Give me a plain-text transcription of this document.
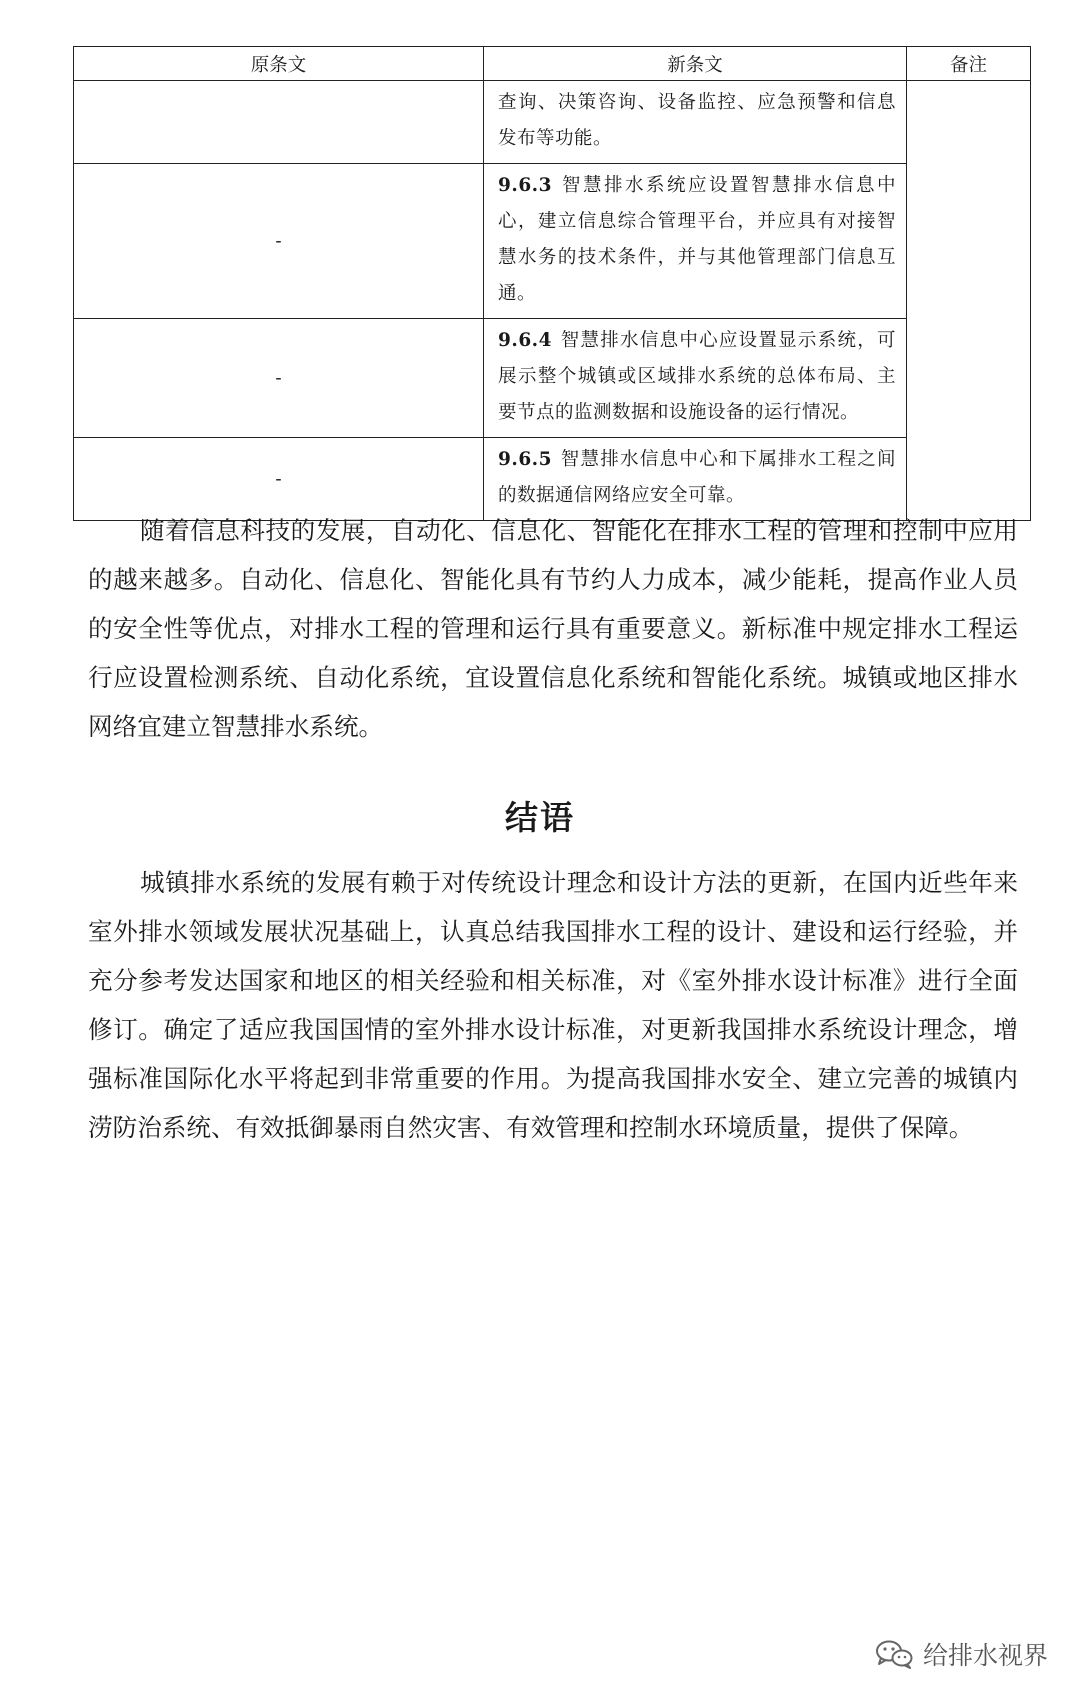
原条文	新条文	备注
	查询、决策咨询、设备监控、应急预警和信息发布等功能。	
-	9.6.3 智慧排水系统应设置智慧排水信息中心，建立信息综合管理平台，并应具有对接智慧水务的技术条件，并与其他管理部门信息互通。	
-	9.6.4 智慧排水信息中心应设置显示系统，可展示整个城镇或区域排水系统的总体布局、主要节点的监测数据和设施设备的运行情况。	
-	9.6.5 智慧排水信息中心和下属排水工程之间的数据通信网络应安全可靠。	

随着信息科技的发展，自动化、信息化、智能化在排水工程的管理和控制中应用的越来越多。自动化、信息化、智能化具有节约人力成本，减少能耗，提高作业人员的安全性等优点，对排水工程的管理和运行具有重要意义。新标准中规定排水工程运行应设置检测系统、自动化系统，宜设置信息化系统和智能化系统。城镇或地区排水网络宜建立智慧排水系统。

结语

城镇排水系统的发展有赖于对传统设计理念和设计方法的更新，在国内近些年来室外排水领域发展状况基础上，认真总结我国排水工程的设计、建设和运行经验，并充分参考发达国家和地区的相关经验和相关标准，对《室外排水设计标准》进行全面修订。确定了适应我国国情的室外排水设计标准，对更新我国排水系统设计理念，增强标准国际化水平将起到非常重要的作用。为提高我国排水安全、建立完善的城镇内涝防治系统、有效抵御暴雨自然灾害、有效管理和控制水环境质量，提供了保障。

给排水视界
